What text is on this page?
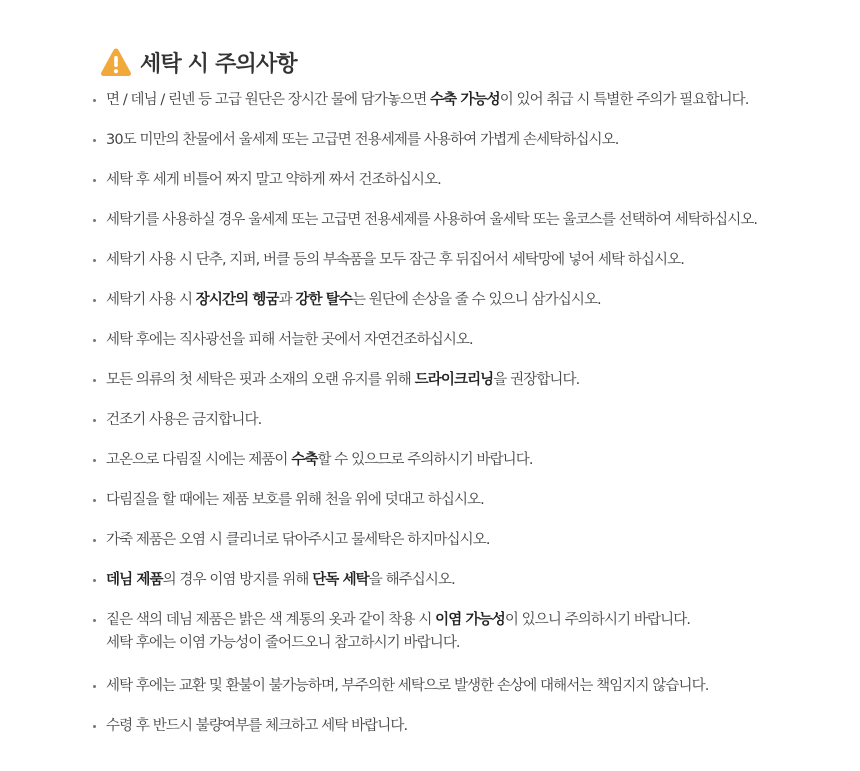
세탁 시 주의사항
면 / 데님 / 린넨 등 고급 원단은 장시간 물에 담가놓으면 수축 가능성이 있어 취급 시 특별한 주의가 필요합니다.
30도 미만의 찬물에서 울세제 또는 고급면 전용세제를 사용하여 가볍게 손세탁하십시오.
세탁 후 세게 비틀어 짜지 말고 약하게 짜서 건조하십시오.
세탁기를 사용하실 경우 울세제 또는 고급면 전용세제를 사용하여 울세탁 또는 울코스를 선택하여 세탁하십시오.
세탁기 사용 시 단추, 지퍼, 버클 등의 부속품을 모두 잠근 후 뒤집어서 세탁망에 넣어 세탁 하십시오.
세탁기 사용 시 장시간의 헹굼과 강한 탈수는 원단에 손상을 줄 수 있으니 삼가십시오.
세탁 후에는 직사광선을 피해 서늘한 곳에서 자연건조하십시오.
모든 의류의 첫 세탁은 핏과 소재의 오랜 유지를 위해 드라이크리닝을 권장합니다.
건조기 사용은 금지합니다.
고온으로 다림질 시에는 제품이 수축할 수 있으므로 주의하시기 바랍니다.
다림질을 할 때에는 제품 보호를 위해 천을 위에 덧대고 하십시오.
가죽 제품은 오염 시 클리너로 닦아주시고 물세탁은 하지마십시오.
데님 제품의 경우 이염 방지를 위해 단독 세탁을 해주십시오.
짙은 색의 데님 제품은 밝은 색 계통의 옷과 같이 착용 시 이염 가능성이 있으니 주의하시기 바랍니다.
세탁 후에는 이염 가능성이 줄어드오니 참고하시기 바랍니다.
세탁 후에는 교환 및 환불이 불가능하며, 부주의한 세탁으로 발생한 손상에 대해서는 책임지지 않습니다.
수령 후 반드시 불량여부를 체크하고 세탁 바랍니다.
